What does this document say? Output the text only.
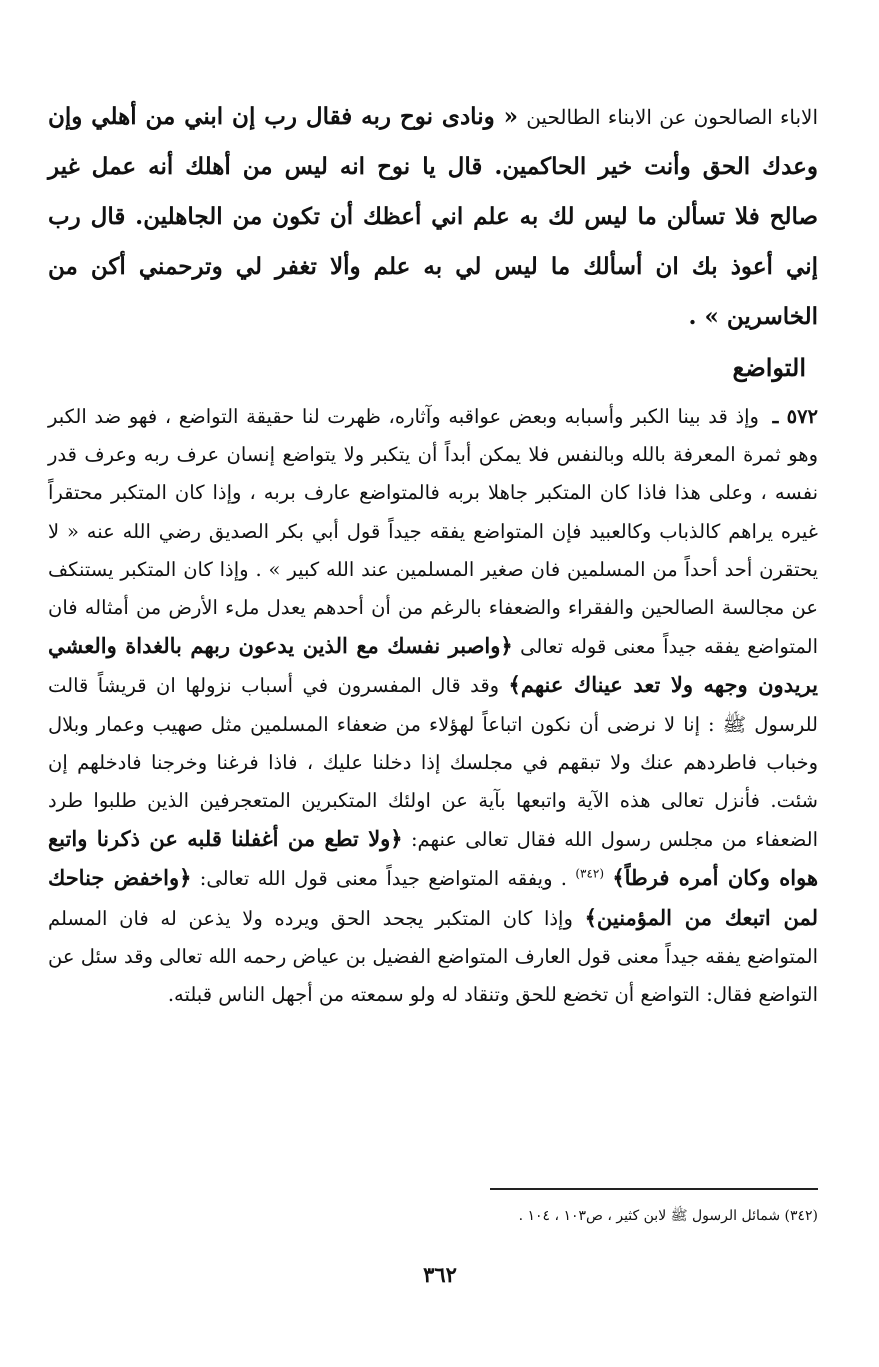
الاباء الصالحون عن الابناء الطالحين « ونادى نوح ربه فقال رب إن ابني من أهلي وإن وعدك الحق وأنت خير الحاكمين. قال يا نوح انه ليس من أهلك أنه عمل غير صالح فلا تسألن ما ليس لك به علم اني أعظك أن تكون من الجاهلين. قال رب إني أعوذ بك ان أسألك ما ليس لي به علم وألا تغفر لي وترحمني أكن من الخاسرين » .

التواضع

٥٧٢ ـ وإذ قد بينا الكبر وأسبابه وبعض عواقبه وآثاره، ظهرت لنا حقيقة التواضع ، فهو ضد الكبر وهو ثمرة المعرفة بالله وبالنفس فلا يمكن أبداً أن يتكبر ولا يتواضع إنسان عرف ربه وعرف قدر نفسه ، وعلى هذا فاذا كان المتكبر جاهلا بربه فالمتواضع عارف بربه ، وإذا كان المتكبر محتقراً غيره يراهم كالذباب وكالعبيد فإن المتواضع يفقه جيداً قول أبي بكر الصديق رضي الله عنه « لا يحتقرن أحد أحداً من المسلمين فان صغير المسلمين عند الله كبير » . وإذا كان المتكبر يستنكف عن مجالسة الصالحين والفقراء والضعفاء بالرغم من أن أحدهم يعدل ملء الأرض من أمثاله فان المتواضع يفقه جيداً معنى قوله تعالى ﴿واصبر نفسك مع الذين يدعون ربهم بالغداة والعشي يريدون وجهه ولا تعد عيناك عنهم﴾ وقد قال المفسرون في أسباب نزولها ان قريشاً قالت للرسول ﷺ : إنا لا نرضى أن نكون اتباعاً لهؤلاء من ضعفاء المسلمين مثل صهيب وعمار وبلال وخباب فاطردهم عنك ولا تبقهم في مجلسك إذا دخلنا عليك ، فاذا فرغنا وخرجنا فادخلهم إن شئت. فأنزل تعالى هذه الآية واتبعها بآية عن اولئك المتكبرين المتعجرفين الذين طلبوا طرد الضعفاء من مجلس رسول الله فقال تعالى عنهم: ﴿ولا تطع من أغفلنا قلبه عن ذكرنا واتبع هواه وكان أمره فرطاً﴾ $^{(٣٤٢)}$ . ويفقه المتواضع جيداً معنى قول الله تعالى: ﴿واخفض جناحك لمن اتبعك من المؤمنين﴾ وإذا كان المتكبر يجحد الحق ويرده ولا يذعن له فان المسلم المتواضع يفقه جيداً معنى قول العارف المتواضع الفضيل بن عياض رحمه الله تعالى وقد سئل عن التواضع فقال: التواضع أن تخضع للحق وتنقاد له ولو سمعته من أجهل الناس قبلته.

(٣٤٢) شمائل الرسول ﷺ لابن كثير ، ص١٠٣ ، ١٠٤ .
٣٦٢
